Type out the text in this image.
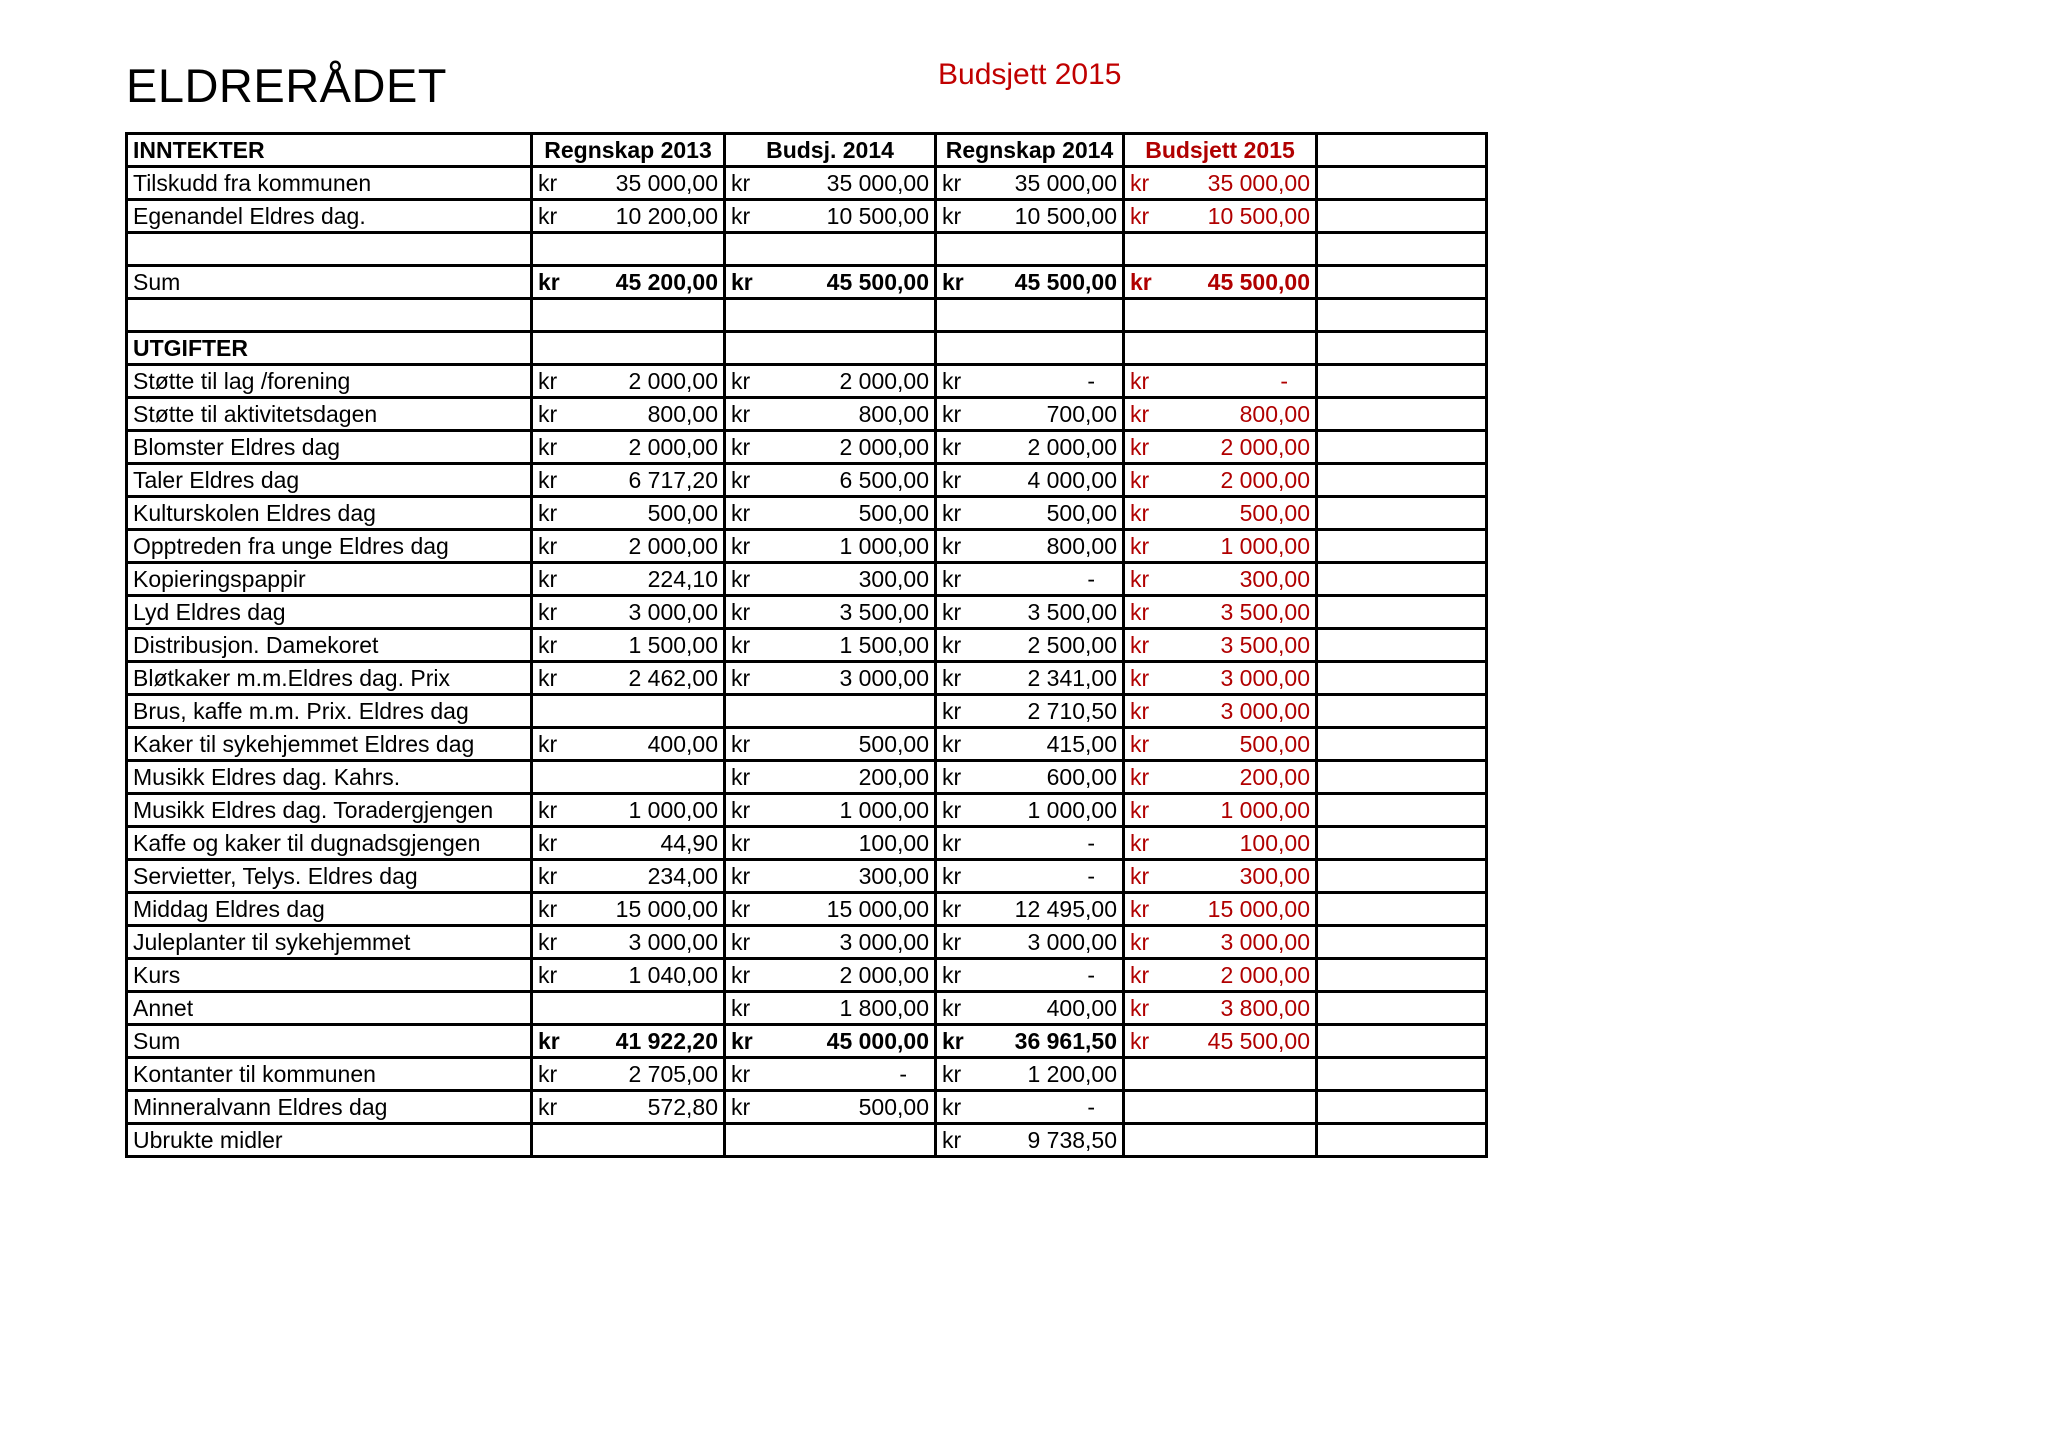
ELDRERÅDET	Budsjett 2015
INNTEKTER	Regnskap 2013	Budsj. 2014	Regnskap 2014	Budsjett 2015	
Tilskudd fra kommunen	kr 35 000,00	kr 35 000,00	kr 35 000,00	kr 35 000,00	

Egenandel Eldres dag.	kr 10 200,00	kr 10 500,00	kr 10 500,00	kr 10 500,00	

Sum	kr 45 200,00	kr 45 500,00	kr 45 500,00	kr 45 500,00	

UTGIFTER					
Støtte til lag /forening	kr 2 000,00	kr 2 000,00	kr -	kr -	

Støtte til aktivitetsdagen	kr 800,00	kr 800,00	kr 700,00	kr 800,00	

Blomster Eldres dag	kr 2 000,00	kr 2 000,00	kr 2 000,00	kr 2 000,00	

Taler Eldres dag	kr 6 717,20	kr 6 500,00	kr 4 000,00	kr 2 000,00	

Kulturskolen Eldres dag	kr 500,00	kr 500,00	kr 500,00	kr 500,00	

Opptreden fra unge Eldres dag	kr 2 000,00	kr 1 000,00	kr 800,00	kr 1 000,00	

Kopieringspappir	kr 224,10	kr 300,00	kr -	kr 300,00	

Lyd Eldres dag	kr 3 000,00	kr 3 500,00	kr 3 500,00	kr 3 500,00	

Distribusjon. Damekoret	kr 1 500,00	kr 1 500,00	kr 2 500,00	kr 3 500,00	

Bløtkaker m.m.Eldres dag. Prix	kr 2 462,00	kr 3 000,00	kr 2 341,00	kr 3 000,00	

Brus, kaffe m.m. Prix. Eldres dag			kr 2 710,50	kr 3 000,00	

Kaker til sykehjemmet Eldres dag	kr 400,00	kr 500,00	kr 415,00	kr 500,00	

Musikk Eldres dag. Kahrs.		kr 200,00	kr 600,00	kr 200,00	

Musikk Eldres dag. Toradergjengen	kr 1 000,00	kr 1 000,00	kr 1 000,00	kr 1 000,00	

Kaffe og kaker til dugnadsgjengen	kr 44,90	kr 100,00	kr -	kr 100,00	

Servietter, Telys. Eldres dag	kr 234,00	kr 300,00	kr -	kr 300,00	

Middag Eldres dag	kr 15 000,00	kr 15 000,00	kr 12 495,00	kr 15 000,00	

Juleplanter til sykehjemmet	kr 3 000,00	kr 3 000,00	kr 3 000,00	kr 3 000,00	

Kurs	kr 1 040,00	kr 2 000,00	kr -	kr 2 000,00	

Annet		kr 1 800,00	kr 400,00	kr 3 800,00	

Sum	kr 41 922,20	kr 45 000,00	kr 36 961,50	kr 45 500,00	

Kontanter til kommunen	kr 2 705,00	kr -	kr 1 200,00		

Minneralvann Eldres dag	kr 572,80	kr 500,00	kr -		

Ubrukte midler			kr 9 738,50		
